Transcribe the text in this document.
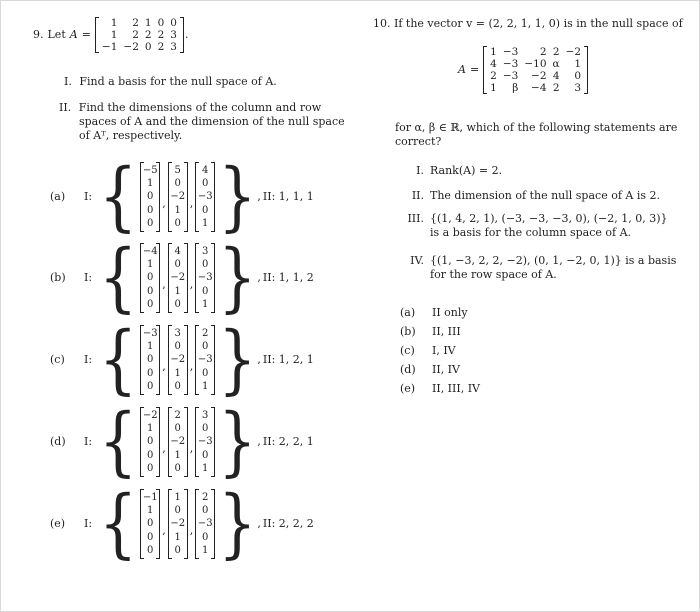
9. Let A =
1	2	1	0	0
1	2	2	2	3
−1	−2	0	2	3
.
I. Find a basis for the null space of A.
II. Find the dimensions of the column and row
spaces of A and the dimension of the null space
of Aᵀ, respectively.
(a)	I: { −5
1
0
0
0
,
5
0
−2
1
0
,
4
0
−3
0
1 } , II: 1, 1, 1
(b)	I: { −4
1
0
0
0
,
4
0
−2
1
0
,
3
0
−3
0
1 } , II: 1, 1, 2
(c)	I: { −3
1
0
0
0
,
3
0
−2
1
0
,
2
0
−3
0
1 } , II: 1, 2, 1
(d)	I: { −2
1
0
0
0
,
2
0
−2
1
0
,
3
0
−3
0
1 } , II: 2, 2, 1
(e)	I: { −1
1
0
0
0
,
1
0
−2
1
0
,
2
0
−3
0
1 } , II: 2, 2, 2
10. If the vector v = (2, 2, 1, 1, 0) is in the null space of
A =
1	−3	2	2	−2
4	−3	−10	α	1
2	−3	−2	4	0
1	β	−4	2	3
for α, β ∈ ℝ, which of the following statements are
correct?
I. Rank(A) = 2.
II. The dimension of the null space of A is 2.
III. {(1, 4, 2, 1), (−3, −3, −3, 0), (−2, 1, 0, 3)}
is a basis for the column space of A.
IV. {(1, −3, 2, 2, −2), (0, 1, −2, 0, 1)} is a basis
for the row space of A.
(a) II only
(b) II, III
(c) I, IV
(d) II, IV
(e) II, III, IV
